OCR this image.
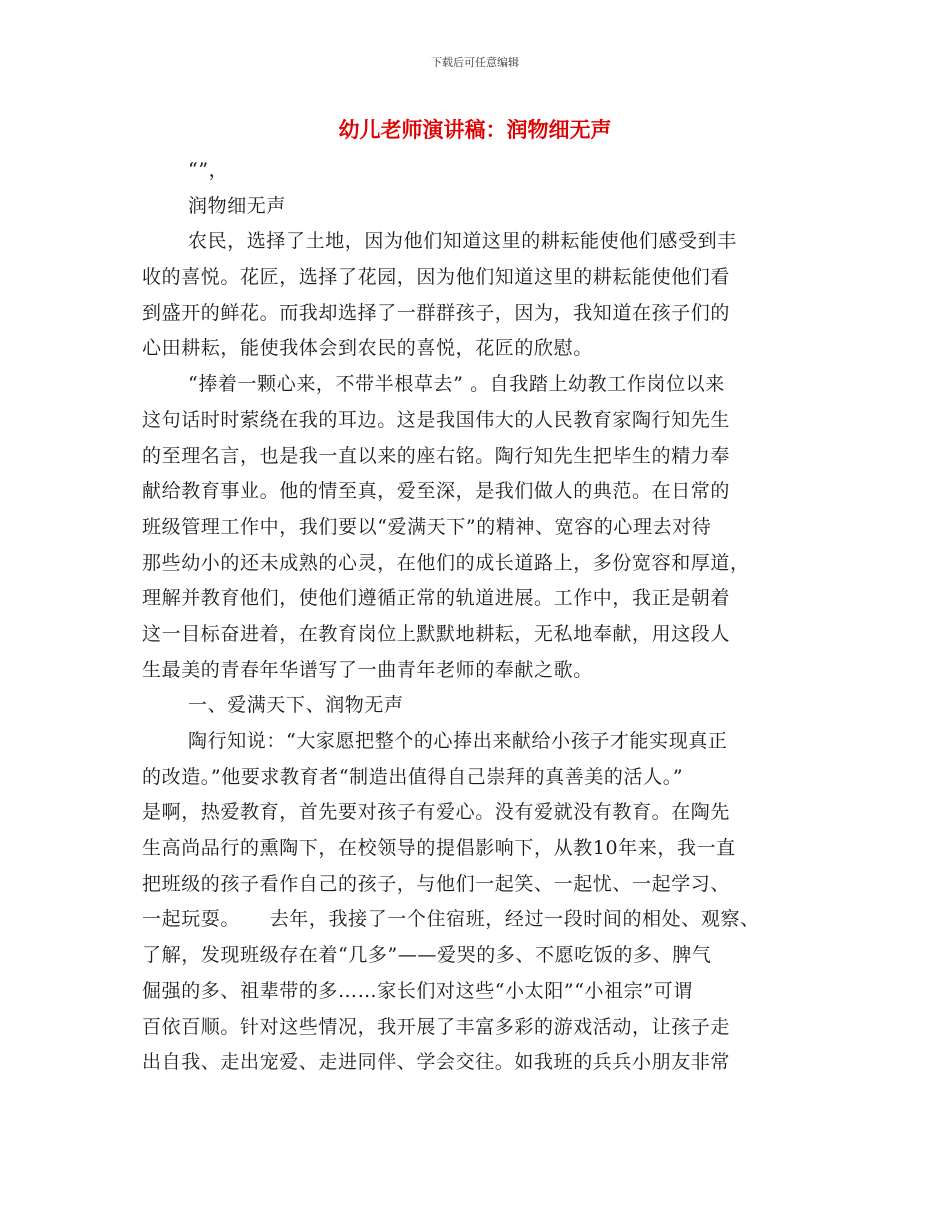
下载后可任意编辑
幼儿老师演讲稿：润物细无声
“”，
润物细无声
农民，选择了土地，因为他们知道这里的耕耘能使他们感受到丰
收的喜悦。花匠，选择了花园，因为他们知道这里的耕耘能使他们看
到盛开的鲜花。而我却选择了一群群孩子，因为，我知道在孩子们的
心田耕耘，能使我体会到农民的喜悦，花匠的欣慰。
“捧着一颗心来，不带半根草去” 。自我踏上幼教工作岗位以来
这句话时时萦绕在我的耳边。这是我国伟大的人民教育家陶行知先生
的至理名言，也是我一直以来的座右铭。陶行知先生把毕生的精力奉
献给教育事业。他的情至真，爱至深，是我们做人的典范。在日常的
班级管理工作中，我们要以“爱满天下”的精神、宽容的心理去对待
那些幼小的还未成熟的心灵，在他们的成长道路上，多份宽容和厚道，
理解并教育他们，使他们遵循正常的轨道进展。工作中，我正是朝着
这一目标奋进着，在教育岗位上默默地耕耘，无私地奉献，用这段人
生最美的青春年华谱写了一曲青年老师的奉献之歌。
一、爱满天下、润物无声
陶行知说：“大家愿把整个的心捧出来献给小孩子才能实现真正
的改造。”他要求教育者“制造出值得自己崇拜的真善美的活人。”
是啊，热爱教育，首先要对孩子有爱心。没有爱就没有教育。在陶先
生高尚品行的熏陶下，在校领导的提倡影响下，从教10年来，我一直
把班级的孩子看作自己的孩子，与他们一起笑、一起忧、一起学习、
一起玩耍。　　去年，我接了一个住宿班，经过一段时间的相处、观察、
了解，发现班级存在着“几多”——爱哭的多、不愿吃饭的多、脾气
倔强的多、祖辈带的多……家长们对这些“小太阳”“小祖宗”可谓
百依百顺。针对这些情况，我开展了丰富多彩的游戏活动，让孩子走
出自我、走出宠爱、走进同伴、学会交往。如我班的兵兵小朋友非常
